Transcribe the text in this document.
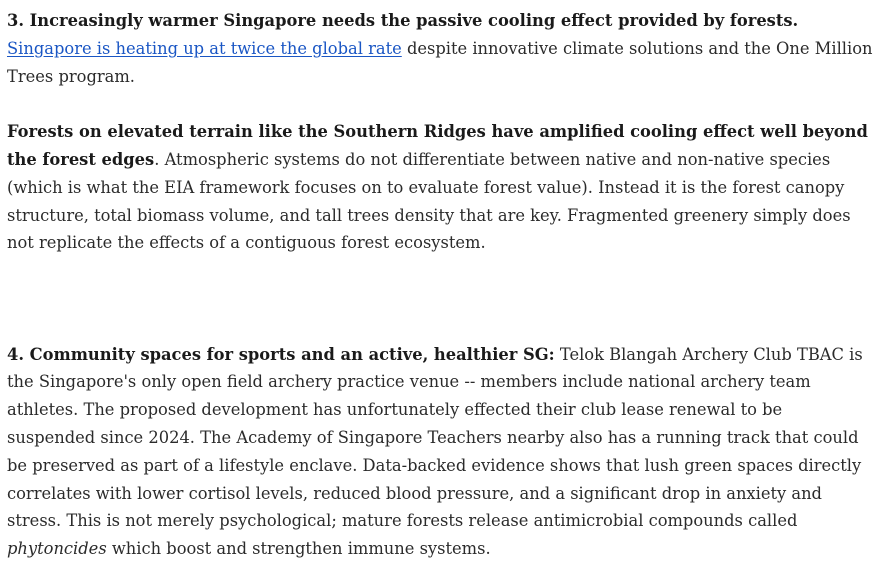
3. Increasingly warmer Singapore needs the passive cooling effect provided by forests.
Singapore is heating up at twice the global rate despite innovative climate solutions and the One Million Trees program.

Forests on elevated terrain like the Southern Ridges have amplified cooling effect well beyond the forest edges. Atmospheric systems do not differentiate between native and non-native species (which is what the EIA framework focuses on to evaluate forest value). Instead it is the forest canopy structure, total biomass volume, and tall trees density that are key. Fragmented greenery simply does not replicate the effects of a contiguous forest ecosystem.

4. Community spaces for sports and an active, healthier SG: Telok Blangah Archery Club TBAC is the Singapore's only open field archery practice venue -- members include national archery team athletes. The proposed development has unfortunately effected their club lease renewal to be suspended since 2024. The Academy of Singapore Teachers nearby also has a running track that could be preserved as part of a lifestyle enclave. Data-backed evidence shows that lush green spaces directly correlates with lower cortisol levels, reduced blood pressure, and a significant drop in anxiety and stress. This is not merely psychological; mature forests release antimicrobial compounds called phytoncides which boost and strengthen immune systems.
